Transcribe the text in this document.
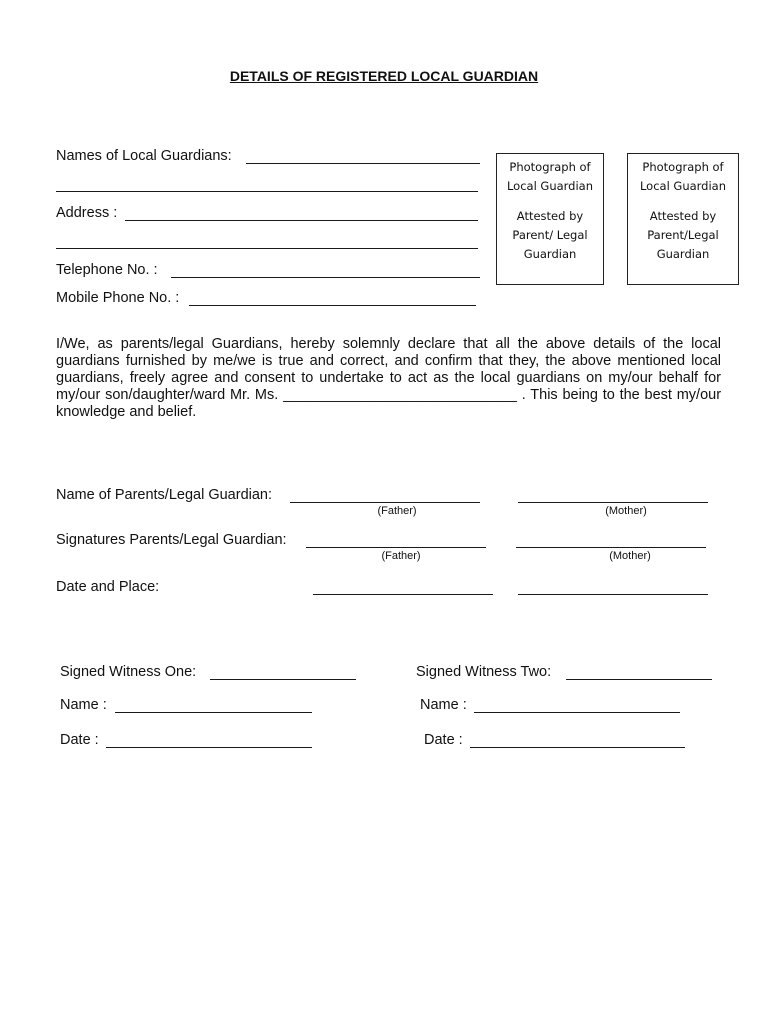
DETAILS OF REGISTERED LOCAL GUARDIAN
Names of Local Guardians:
Address :
Telephone No. :
Mobile Phone No. :
Photograph of
Local Guardian
Attested by
Parent/ Legal
Guardian
Photograph of
Local Guardian
Attested by
Parent/Legal
Guardian
I/We, as parents/legal Guardians, hereby solemnly declare that all the above details of the local guardians furnished by me/we is true and correct, and confirm that they, the above mentioned local guardians, freely agree and consent to undertake to act as the local guardians on my/our behalf for my/our son/daughter/ward Mr. Ms. _____________________________ . This being to the best my/our knowledge and belief.
Name of Parents/Legal Guardian:
(Father)	(Mother)
Signatures Parents/Legal Guardian:
(Father)	(Mother)
Date and Place:
Signed Witness One:	Signed Witness Two:
Name :	Name :
Date :	Date :
